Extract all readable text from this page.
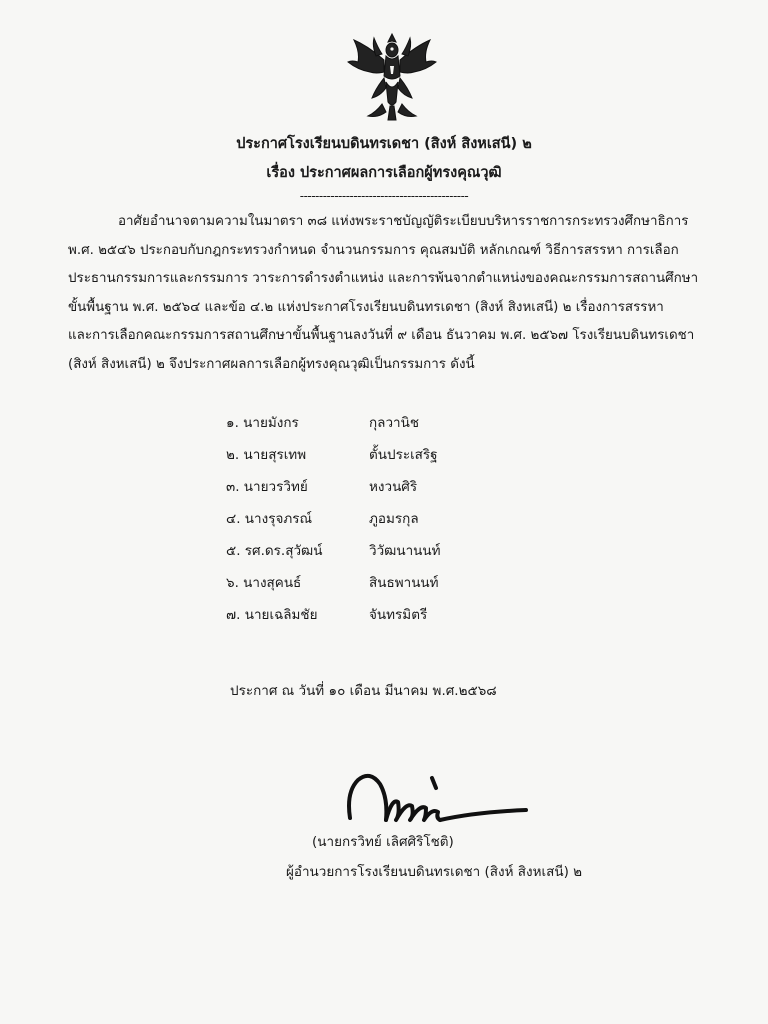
ประกาศโรงเรียนบดินทรเดชา (สิงห์ สิงหเสนี) ๒
เรื่อง ประกาศผลการเลือกผู้ทรงคุณวุฒิ
--------------------------------------------
อาศัยอำนาจตามความในมาตรา ๓๘ แห่งพระราชบัญญัติระเบียบบริหารราชการกระทรวงศึกษาธิการ
พ.ศ. ๒๕๔๖ ประกอบกับกฎกระทรวงกำหนด จำนวนกรรมการ คุณสมบัติ หลักเกณฑ์ วิธีการสรรหา การเลือก
ประธานกรรมการและกรรมการ วาระการดำรงตำแหน่ง และการพ้นจากตำแหน่งของคณะกรรมการสถานศึกษา
ขั้นพื้นฐาน พ.ศ. ๒๕๖๔ และข้อ ๔.๒ แห่งประกาศโรงเรียนบดินทรเดชา (สิงห์ สิงหเสนี) ๒ เรื่องการสรรหา
และการเลือกคณะกรรมการสถานศึกษาขั้นพื้นฐานลงวันที่ ๙ เดือน ธันวาคม พ.ศ. ๒๕๖๗ โรงเรียนบดินทรเดชา
(สิงห์ สิงหเสนี) ๒ จึงประกาศผลการเลือกผู้ทรงคุณวุฒิเป็นกรรมการ ดังนี้
๑. นายมังกร	กุลวานิช
๒. นายสุรเทพ	ตั้นประเสริฐ
๓. นายวรวิทย์	หงวนศิริ
๔. นางรุจภรณ์	ภูอมรกุล
๕. รศ.ดร.สุวัฒน์	วิวัฒนานนท์
๖. นางสุคนธ์	สินธพานนท์
๗. นายเฉลิมชัย	จันทรมิตรี
ประกาศ ณ วันที่ ๑๐ เดือน มีนาคม พ.ศ.๒๕๖๘
(นายกรวิทย์ เลิศศิริโชติ)
ผู้อำนวยการโรงเรียนบดินทรเดชา (สิงห์ สิงหเสนี) ๒
